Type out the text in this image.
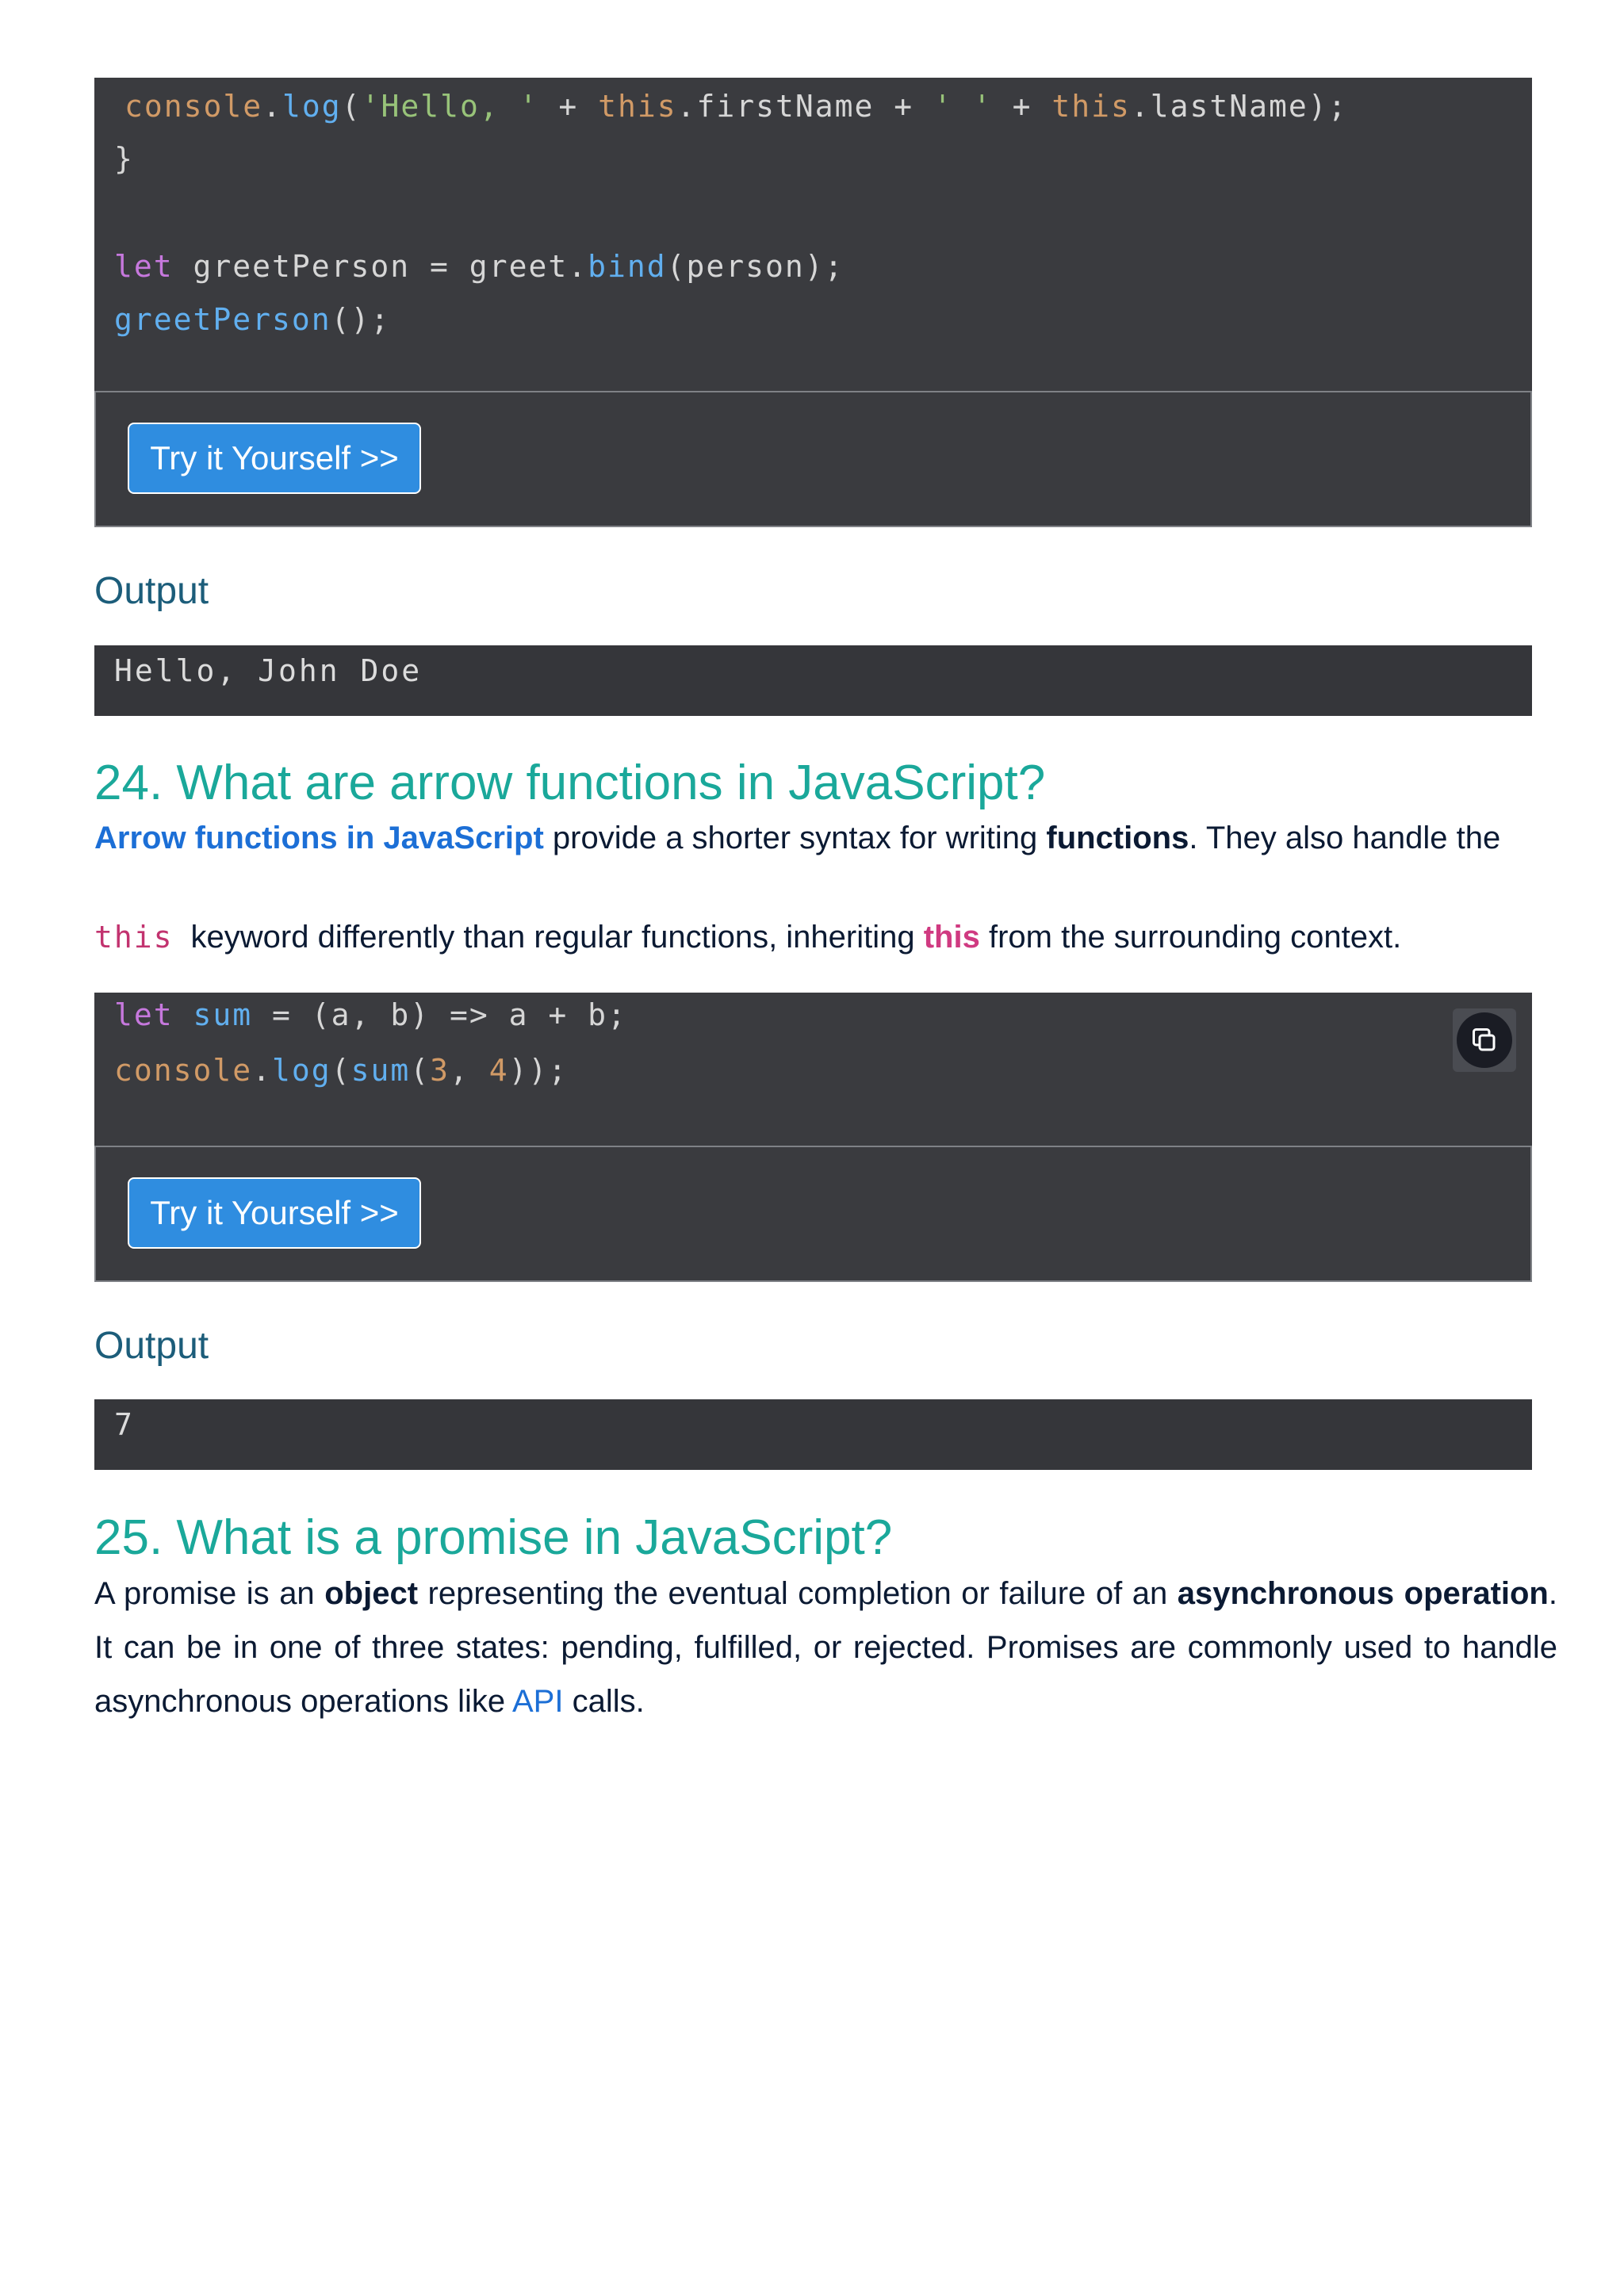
console.log('Hello, ' + this.firstName + ' ' + this.lastName);
}
let greetPerson = greet.bind(person);
greetPerson();
Try it Yourself >>
Output
Hello, John Doe
24. What are arrow functions in JavaScript?
Arrow functions in JavaScript provide a shorter syntax for writing functions. They also handle the
this keyword differently than regular functions, inheriting this from the surrounding context.
let sum = (a, b) => a + b;
console.log(sum(3, 4));
Try it Yourself >>
Output
7
25. What is a promise in JavaScript?
A promise is an object representing the eventual completion or failure of an asynchronous operation. It can be in one of three states: pending, fulfilled, or rejected. Promises are commonly used to handle asynchronous operations like API calls.
